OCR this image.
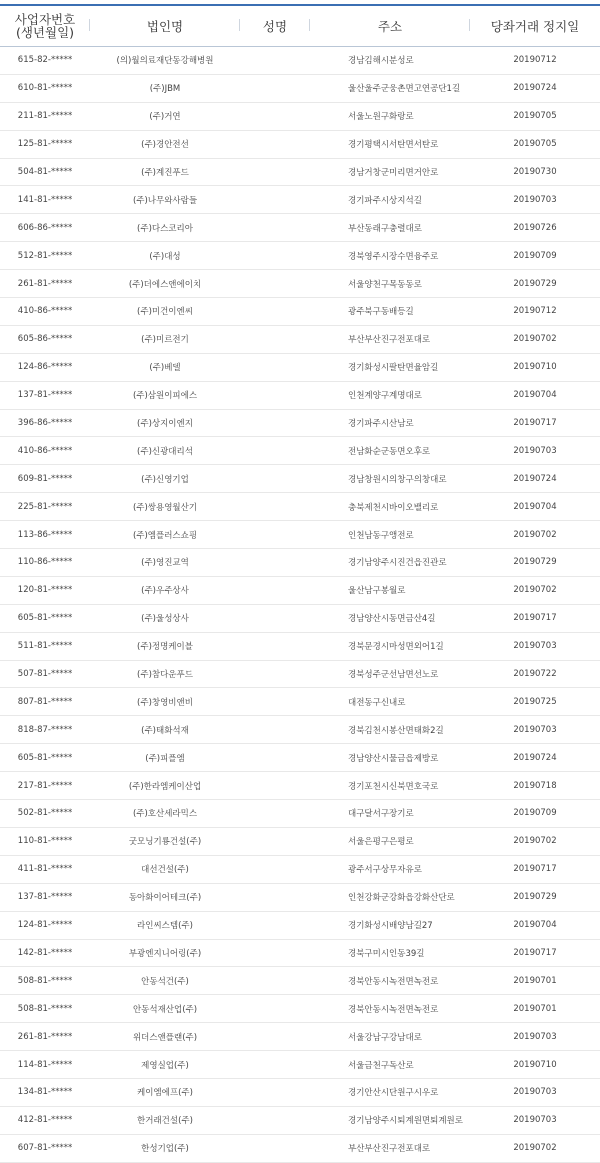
사업자번호
(생년월일)	법인명	성명	주소	당좌거래 정지일
615-82-*****	(의)월의료재단동강해병원		경남김해시분성로	20190712
610-81-*****	(주)JBM		울산울주군웅촌면고연공단1길	20190724
211-81-*****	(주)거연		서울노원구화랑로	20190705
125-81-*****	(주)경안전선		경기평택시서탄면서탄로	20190705
504-81-*****	(주)계진푸드		경남거창군미리면거안로	20190730
141-81-*****	(주)나무와사람들		경기파주시상지석길	20190703
606-86-*****	(주)다스코리아		부산동래구충렬대로	20190726
512-81-*****	(주)대성		경북영주시장수면융주로	20190709
261-81-*****	(주)더에스앤에이치		서울양천구목동동로	20190729
410-86-*****	(주)미건이엔씨		광주북구동배등길	20190712
605-86-*****	(주)미르전기		부산부산진구전포대로	20190702
124-86-*****	(주)베델		경기화성시팔탄면율암길	20190710
137-81-*****	(주)삼원이피에스		인천계양구계명대로	20190704
396-86-*****	(주)상지이엔지		경기파주시산남로	20190717
410-86-*****	(주)신광대리석		전남화순군동면오후로	20190703
609-81-*****	(주)신영기업		경남창원시의창구의창대로	20190724
225-81-*****	(주)쌍용영월산기		충북제천시바이오밸리로	20190704
113-86-*****	(주)엠플러스쇼핑		인천남동구앵전로	20190702
110-86-*****	(주)영진교역		경기남양주시진건읍진관로	20190729
120-81-*****	(주)우주상사		울산남구봉월로	20190702
605-81-*****	(주)울성상사		경남양산시동면금산4길	20190717
511-81-*****	(주)정명케이블		경북문경시마성면외어1길	20190703
507-81-*****	(주)참다운푸드		경북성주군선남면선노로	20190722
807-81-*****	(주)창영비앤비		대전동구신내로	20190725
818-87-*****	(주)태화석재		경북김천시봉산면태화2길	20190703
605-81-*****	(주)피플엠		경남양산시물금읍제방로	20190724
217-81-*****	(주)한라엠케이산업		경기포천시신북면호국로	20190718
502-81-*****	(주)호산세라믹스		대구달서구장기로	20190709
110-81-*****	굿모닝기룡건설(주)		서울은평구은평로	20190702
411-81-*****	대선건설(주)		광주서구상무자유로	20190717
137-81-*****	동아화이어테크(주)		인천강화군강화읍강화산단로	20190729
124-81-*****	라인씨스템(주)		경기화성시배양남길27	20190704
142-81-*****	부광엔지니어링(주)		경북구미시인동39길	20190717
508-81-*****	안동석건(주)		경북안동시녹전면녹전로	20190701
508-81-*****	안동석재산업(주)		경북안동시녹전면녹전로	20190701
261-81-*****	위더스앤플랜(주)		서울강남구강남대로	20190703
114-81-*****	제영실업(주)		서울금천구독산로	20190710
134-81-*****	케이엠에프(주)		경기안산시단원구시우로	20190703
412-81-*****	한거래건설(주)		경기남양주시퇴계원면퇴계원로	20190703
607-81-*****	한성기업(주)		부산부산진구전포대로	20190702
